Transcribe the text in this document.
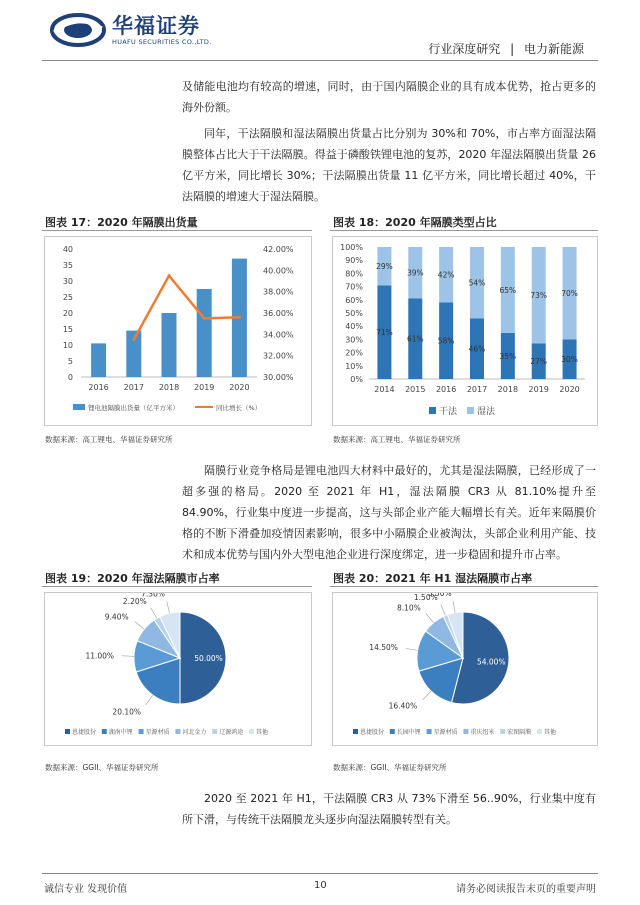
华福证券
HUAFU SECURITIES CO.,LTD.	行业深度研究 | 电力新能源
及储能电池均有较高的增速，同时，由于国内隔膜企业的具有成本优势，抢占更多的海外份额。
同年，干法隔膜和湿法隔膜出货量占比分别为 30%和 70%，市占率方面湿法隔膜整体占比大于干法隔膜。得益于磷酸铁锂电池的复苏，2020 年湿法隔膜出货量 26 亿平方米，同比增长 30%；干法隔膜出货量 11 亿平方米，同比增长超过 40%，干法隔膜的增速大于湿法隔膜。
图表 17：2020 年隔膜出货量
0
5
10
15
20
25
30
35
40
30.00%
32.00%
34.00%
36.00%
38.00%
40.00%
42.00%
2016 2017 2018 2019 2020
锂电池隔膜出货量（亿平方米）	同比增长（%）
数据来源：高工锂电、华福证券研究所
图表 18：2020 年隔膜类型占比
0%
10%
20%
30%
40%
50%
60%
70%
80%
90%
100%
71%
29%
2014
61%
39%
2015
58%
42%
2016
46%
54%
2017
35%
65%
2018
27%
73%
2019
30%
70%
2020
干法 湿法
数据来源：高工锂电、华福证券研究所
隔膜行业竞争格局是锂电池四大材料中最好的，尤其是湿法隔膜，已经形成了一超多强的格局。2020 至 2021 年 H1，湿法隔膜 CR3 从 81.10%提升至 84.90%，行业集中度进一步提高，这与头部企业产能大幅增长有关。近年来隔膜价格的不断下滑叠加疫情因素影响，很多中小隔膜企业被淘汰，头部企业利用产能、技术和成本优势与国内外大型电池企业进行深度绑定，进一步稳固和提升市占率。
图表 19：2020 年湿法隔膜市占率
50.00%
20.10%
11.00%
9.40%
2.20%
7.30%
恩捷股份 湖南中锂 星源材质 河北金力 辽源鸿途 其他
数据来源：GGII、华福证券研究所
图表 20：2021 年 H1 湿法隔膜市占率
54.00%
16.40%
14.50%
8.10%
1.50%
5.50%
恩捷股份 长园中锂 星源材质 重庆纽米 宏图隔膜 其他
数据来源：GGII、华福证券研究所
2020 至 2021 年 H1，干法隔膜 CR3 从 73%下滑至 56..90%，行业集中度有所下滑，与传统干法隔膜龙头逐步向湿法隔膜转型有关。
诚信专业 发现价值	10	请务必阅读报告末页的重要声明
